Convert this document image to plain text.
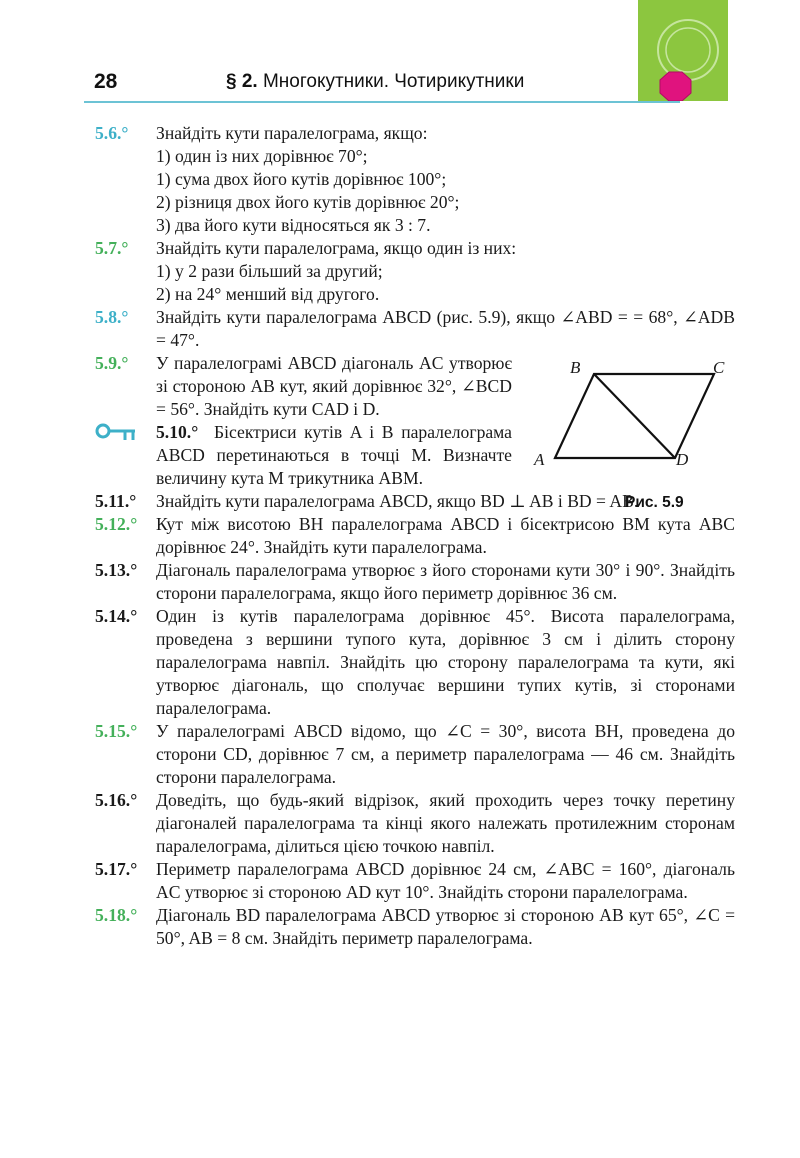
28	§ 2. Многокутники. Чотирикутники
5.6.° Знайдіть кути паралелограма, якщо:
1) один із них дорівнює 70°;
1) сума двох його кутів дорівнює 100°;
2) різниця двох його кутів дорівнює 20°;
3) два його кути відносяться як 3 : 7.
5.7.° Знайдіть кути паралелограма, якщо один із них:
1) у 2 рази більший за другий;
2) на 24° менший від другого.
5.8.° Знайдіть кути паралелограма ABCD (рис. 5.9), якщо ∠ABD = = 68°, ∠ADB = 47°.
5.9.° У паралелограмі ABCD діагональ AC утворює зі стороною AB кут, який дорівнює 32°, ∠BCD = 56°. Знайдіть кути CAD і D.
5.10.° Бісектриси кутів A і B паралелограма ABCD перетинаються в точці M. Визначте величину кута M трикутника ABM.
5.11.° Знайдіть кути паралелограма ABCD, якщо BD ⊥ AB і BD = AB.
5.12.° Кут між висотою BH паралелограма ABCD і бісектрисою BM кута ABC дорівнює 24°. Знайдіть кути паралелограма.
5.13.° Діагональ паралелограма утворює з його сторонами кути 30° і 90°. Знайдіть сторони паралелограма, якщо його периметр дорівнює 36 см.
5.14.° Один із кутів паралелограма дорівнює 45°. Висота паралелограма, проведена з вершини тупого кута, дорівнює 3 см і ділить сторону паралелограма навпіл. Знайдіть цю сторону паралелограма та кути, які утворює діагональ, що сполучає вершини тупих кутів, зі сторонами паралелограма.
5.15.° У паралелограмі ABCD відомо, що ∠C = 30°, висота BH, проведена до сторони CD, дорівнює 7 см, а периметр паралелограма — 46 см. Знайдіть сторони паралелограма.
5.16.° Доведіть, що будь-який відрізок, який проходить через точку перетину діагоналей паралелограма та кінці якого належать протилежним сторонам паралелограма, ділиться цією точкою навпіл.
5.17.° Периметр паралелограма ABCD дорівнює 24 см, ∠ABC = 160°, діагональ AC утворює зі стороною AD кут 10°. Знайдіть сторони паралелограма.
5.18.° Діагональ BD паралелограма ABCD утворює зі стороною AB кут 65°, ∠C = 50°, AB = 8 см. Знайдіть периметр паралелограма.
B	C
A	D
Рис. 5.9
